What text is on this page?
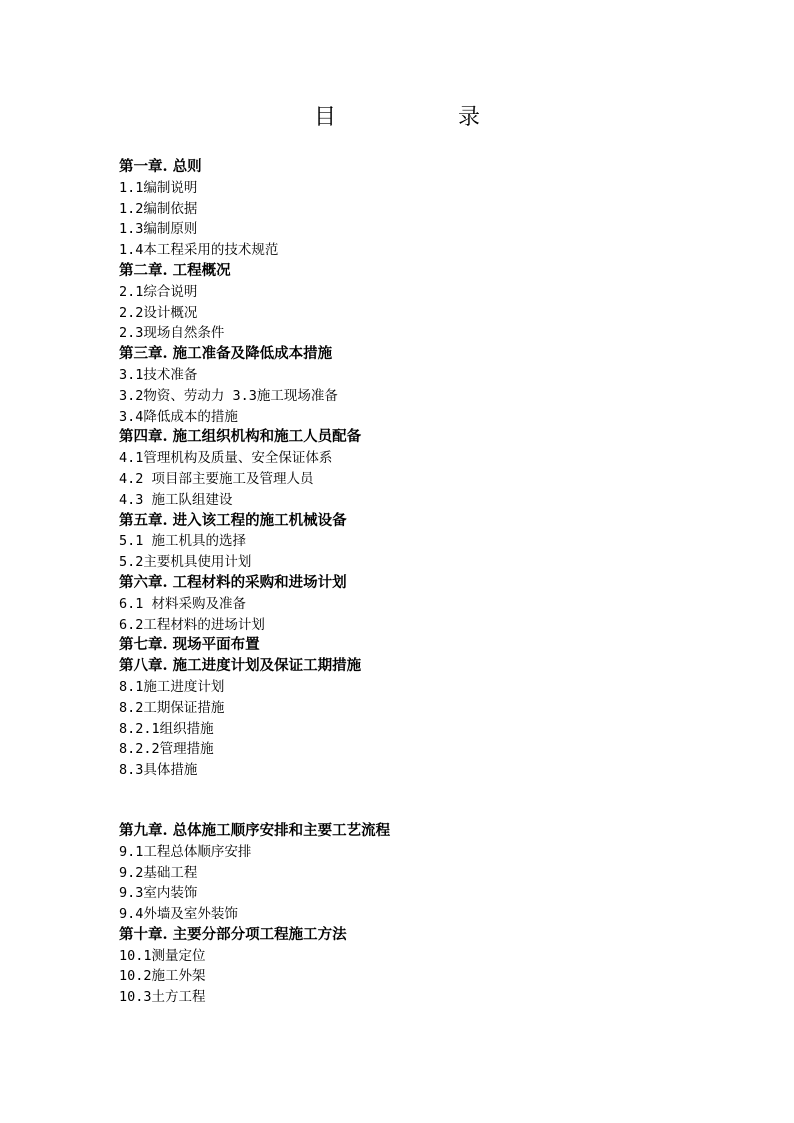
目　录
第一章. 总则
1.1编制说明
1.2编制依据
1.3编制原则
1.4本工程采用的技术规范
第二章. 工程概况
2.1综合说明
2.2设计概况
2.3现场自然条件
第三章. 施工准备及降低成本措施
3.1技术准备
3.2物资、劳动力 3.3施工现场准备
3.4降低成本的措施
第四章. 施工组织机构和施工人员配备
4.1管理机构及质量、安全保证体系
4.2 项目部主要施工及管理人员
4.3 施工队组建设
第五章. 进入该工程的施工机械设备
5.1 施工机具的选择
5.2主要机具使用计划
第六章. 工程材料的采购和进场计划
6.1 材料采购及准备
6.2工程材料的进场计划
第七章. 现场平面布置
第八章. 施工进度计划及保证工期措施
8.1施工进度计划
8.2工期保证措施
8.2.1组织措施
8.2.2管理措施
8.3具体措施
第九章. 总体施工顺序安排和主要工艺流程
9.1工程总体顺序安排
9.2基础工程
9.3室内装饰
9.4外墙及室外装饰
第十章. 主要分部分项工程施工方法
10.1测量定位
10.2施工外架
10.3土方工程
